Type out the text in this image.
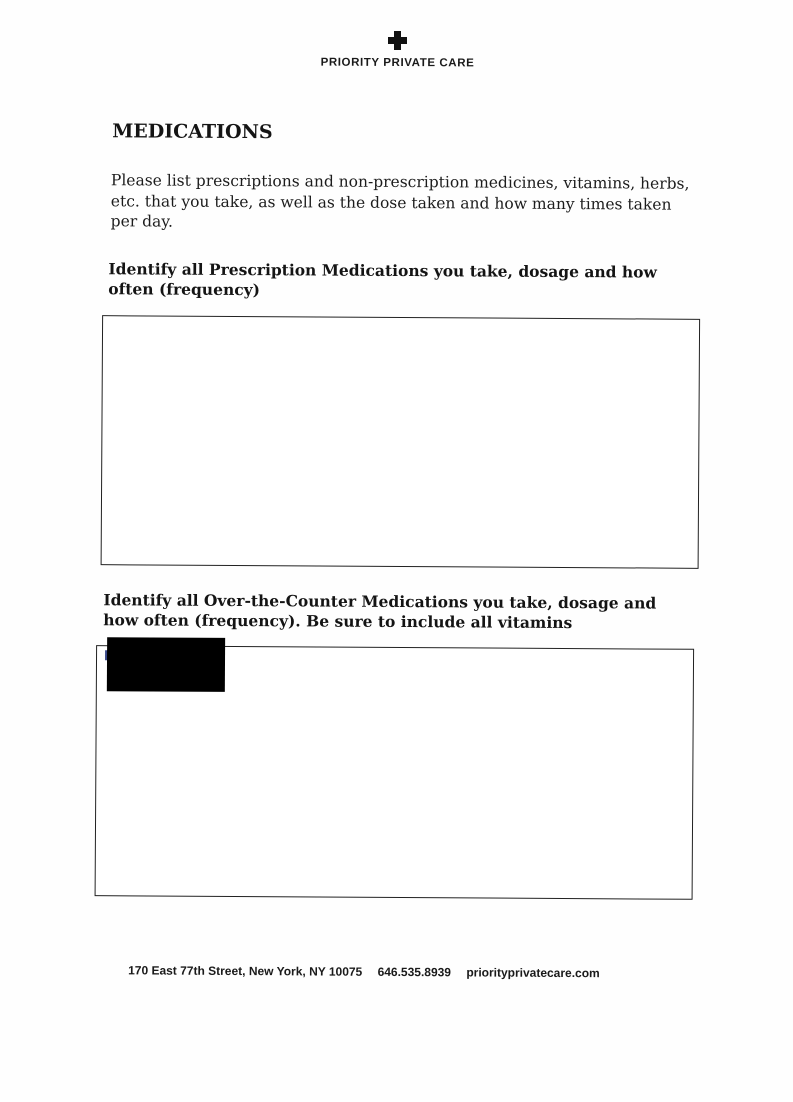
PRIORITY PRIVATE CARE
MEDICATIONS
Please list prescriptions and non-prescription medicines, vitamins, herbs, etc. that you take, as well as the dose taken and how many times taken per day.
Identify all Prescription Medications you take, dosage and how often (frequency)
Identify all Over-the-Counter Medications you take, dosage and how often (frequency). Be sure to include all vitamins
170 East 77th Street, New York, NY 10075 646.535.8939 priorityprivatecare.com
